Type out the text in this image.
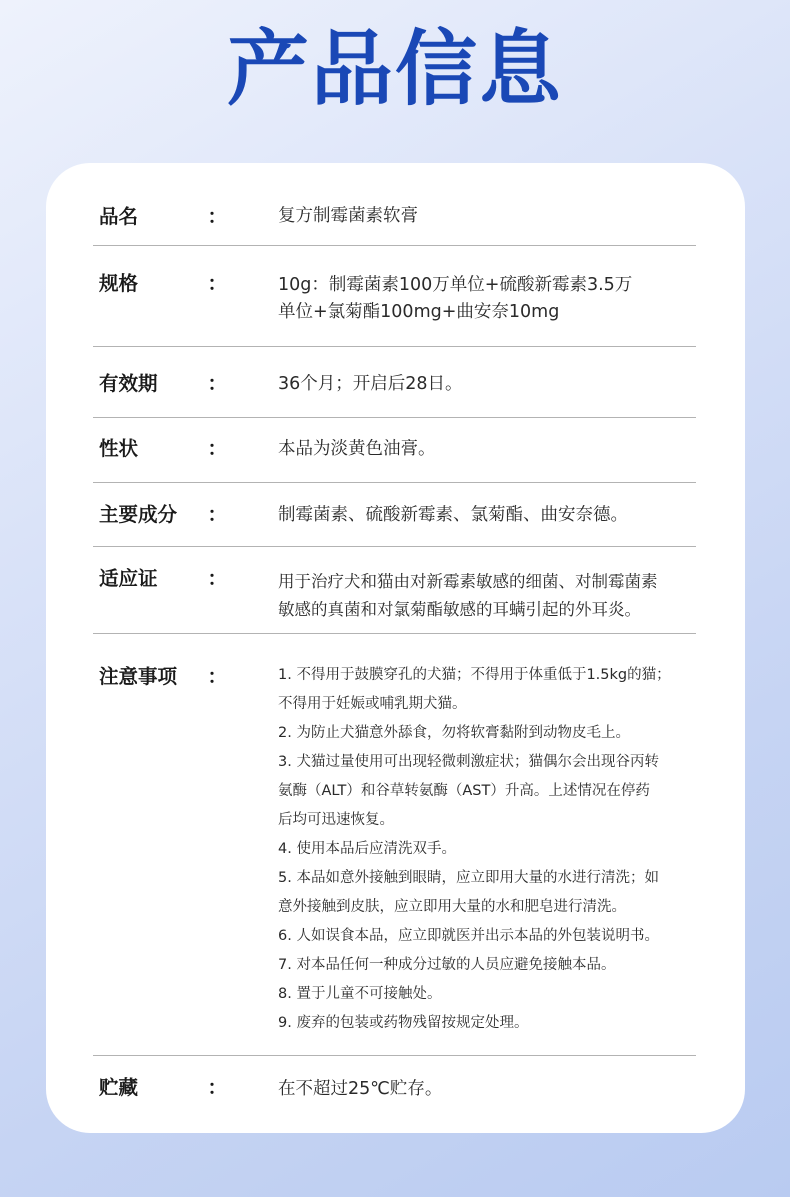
产品信息
品 名	：	复方制霉菌素软膏
规 格	：	10g：制霉菌素100万单位+硫酸新霉素3.5万
单位+氯菊酯100mg+曲安奈10mg
有 效 期	：	36个月；开启后28日。
性 状	：	本品为淡黄色油膏。
主 要 成 分 ：	制霉菌素、硫酸新霉素、氯菊酯、曲安奈德。
适 应 证	：	用于治疗犬和猫由对新霉素敏感的细菌、对制霉菌素
敏感的真菌和对氯菊酯敏感的耳螨引起的外耳炎。
注 意 事 项 ：	1. 不得用于鼓膜穿孔的犬猫；不得用于体重低于1.5kg的猫；
不得用于妊娠或哺乳期犬猫。
2. 为防止犬猫意外舔食，勿将软膏黏附到动物皮毛上。
3. 犬猫过量使用可出现轻微刺激症状；猫偶尔会出现谷丙转
氨酶（ALT）和谷草转氨酶（AST）升高。上述情况在停药
后均可迅速恢复。
4. 使用本品后应清洗双手。
5. 本品如意外接触到眼睛，应立即用大量的水进行清洗；如
意外接触到皮肤，应立即用大量的水和肥皂进行清洗。
6. 人如误食本品，应立即就医并出示本品的外包装说明书。
7. 对本品任何一种成分过敏的人员应避免接触本品。
8. 置于儿童不可接触处。
9. 废弃的包装或药物残留按规定处理。
贮 藏	：	在不超过25℃贮存。
